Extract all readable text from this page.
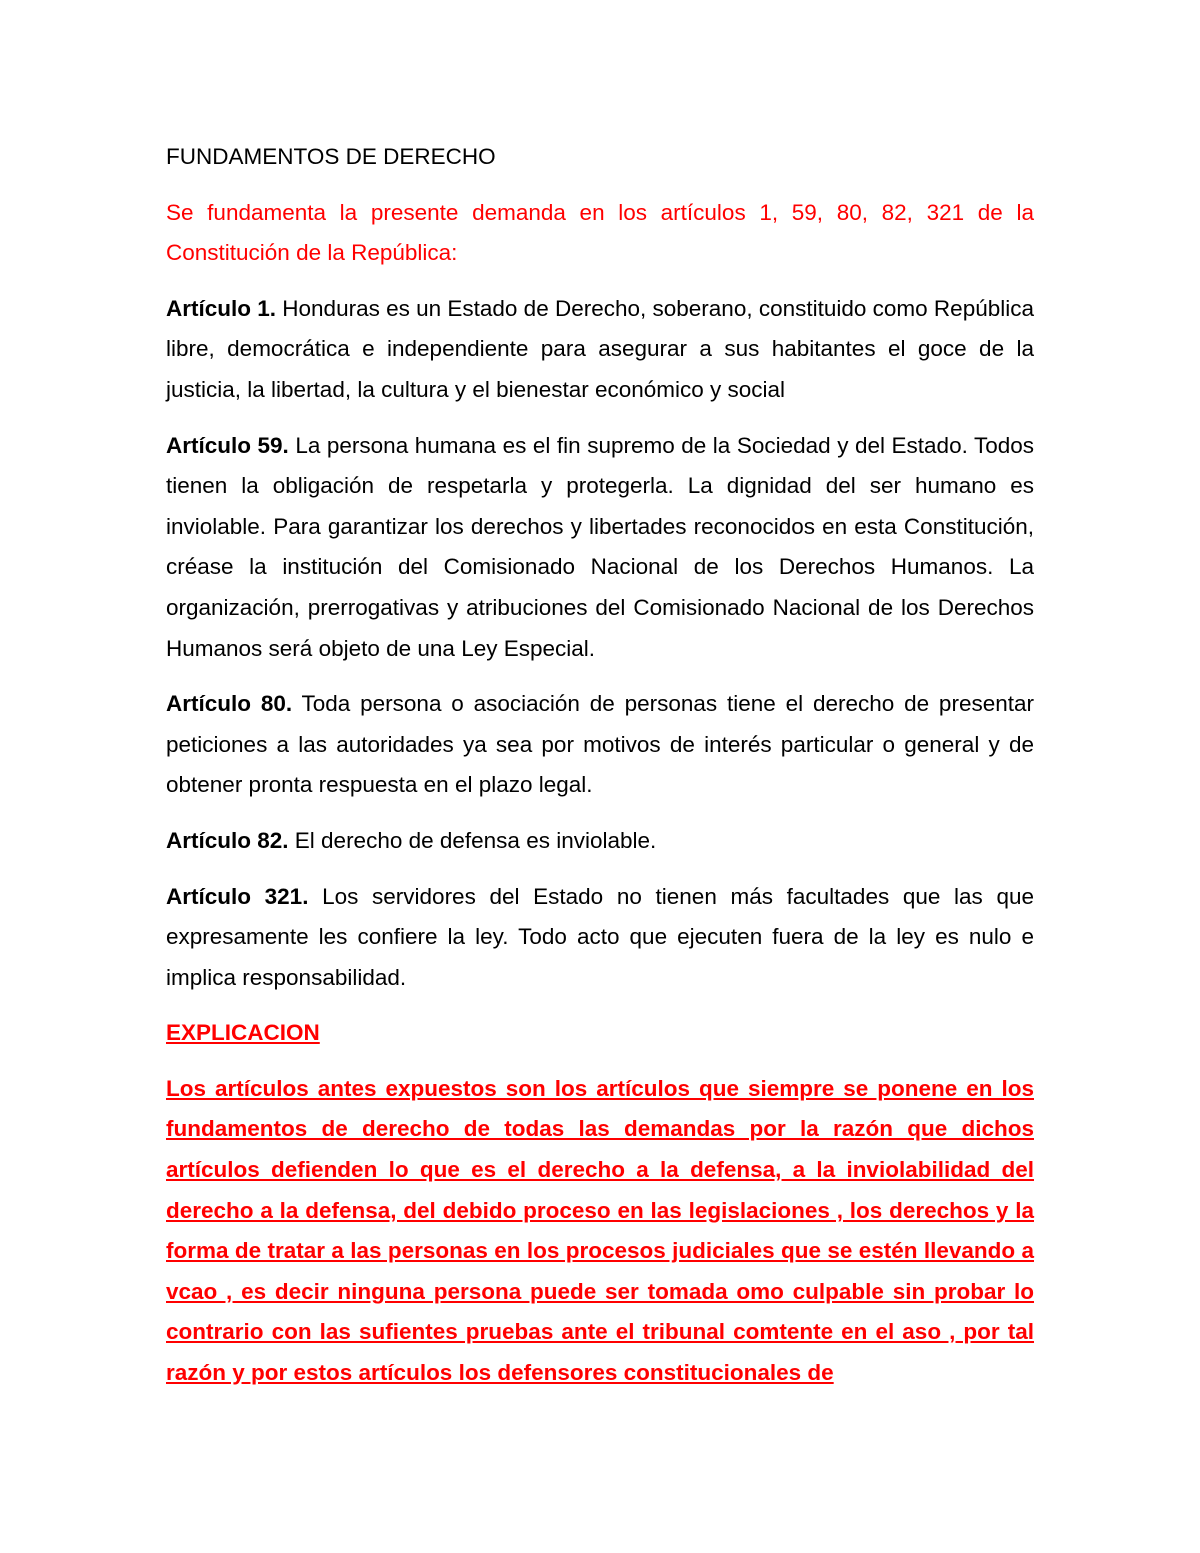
FUNDAMENTOS DE DERECHO

Se fundamenta la presente demanda en los artículos 1, 59, 80, 82, 321 de la Constitución de la República:

Artículo 1. Honduras es un Estado de Derecho, soberano, constituido como República libre, democrática e independiente para asegurar a sus habitantes el goce de la justicia, la libertad, la cultura y el bienestar económico y social

Artículo 59. La persona humana es el fin supremo de la Sociedad y del Estado. Todos tienen la obligación de respetarla y protegerla. La dignidad del ser humano es inviolable. Para garantizar los derechos y libertades reconocidos en esta Constitución, créase la institución del Comisionado Nacional de los Derechos Humanos. La organización, prerrogativas y atribuciones del Comisionado Nacional de los Derechos Humanos será objeto de una Ley Especial.

Artículo 80. Toda persona o asociación de personas tiene el derecho de presentar peticiones a las autoridades ya sea por motivos de interés particular o general y de obtener pronta respuesta en el plazo legal.

Artículo 82. El derecho de defensa es inviolable.

Artículo 321. Los servidores del Estado no tienen más facultades que las que expresamente les confiere la ley. Todo acto que ejecuten fuera de la ley es nulo e implica responsabilidad.

EXPLICACION

Los artículos antes expuestos son los artículos que siempre se ponene en los fundamentos de derecho de todas las demandas por la razón que dichos artículos defienden lo que es el derecho a la defensa, a la inviolabilidad del derecho a la defensa, del debido proceso en las legislaciones , los derechos y la forma de tratar a las personas en los procesos judiciales que se estén llevando a vcao , es decir ninguna persona puede ser tomada omo culpable sin probar lo contrario con las sufientes pruebas ante el tribunal comtente en el aso , por tal razón y por estos artículos los defensores constitucionales de
